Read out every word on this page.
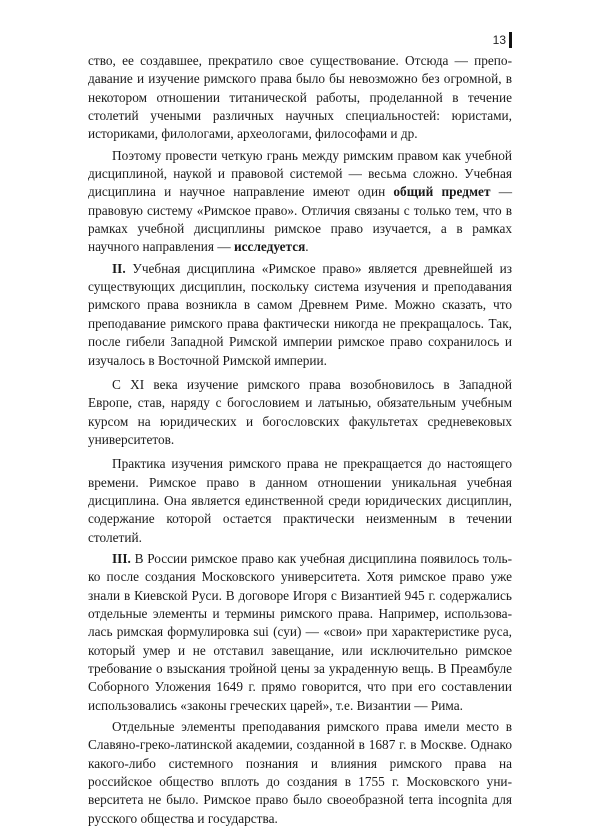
13

ство, ее создавшее, прекратило свое существование. Отсюда — преподавание и изучение римского права было бы невозможно без огромной, в некотором отношении титанической работы, проделанной в течение столетий учеными различных научных специальностей: юристами, историками, филологами, археологами, философами и др.

Поэтому провести четкую грань между римским правом как учебной дисциплиной, наукой и правовой системой — весьма сложно. Учебная дисциплина и научное направление имеют один общий предмет — правовую систему «Римское право». Отличия связаны с только тем, что в рамках учебной дисциплины римское право изучается, а в рамках научного направления — исследуется.

II. Учебная дисциплина «Римское право» является древнейшей из существующих дисциплин, поскольку система изучения и преподавания римского права возникла в самом Древнем Риме. Можно сказать, что преподавание римского права фактически никогда не прекращалось. Так, после гибели Западной Римской империи римское право сохранилось и изучалось в Восточной Римской империи.

С XI века изучение римского права возобновилось в Западной Европе, став, наряду с богословием и латынью, обязательным учебным курсом на юридических и богословских факультетах средневековых университетов.

Практика изучения римского права не прекращается до настоящего времени. Римское право в данном отношении уникальная учебная дисциплина. Она является единственной среди юридических дисциплин, содержание которой остается практически неизменным в течении столетий.

III. В России римское право как учебная дисциплина появилось только после создания Московского университета. Хотя римское право уже знали в Киевской Руси. В договоре Игоря с Византией 945 г. содержались отдельные элементы и термины римского права. Например, использовалась римская формулировка sui (суи) — «свои» при характеристике руса, который умер и не отставил завещание, или исключительно римское требование о взыскания тройной цены за украденную вещь. В Преамбуле Соборного Уложения 1649 г. прямо говорится, что при его составлении использовались «законы греческих царей», т.е. Византии — Рима.

Отдельные элементы преподавания римского права имели место в Славяно-греко-латинской академии, созданной в 1687 г. в Москве. Однако какого-либо системного познания и влияния римского права на российское общество вплоть до создания в 1755 г. Московского университета не было. Римское право было своеобразной terra incognita для русского общества и государства.
